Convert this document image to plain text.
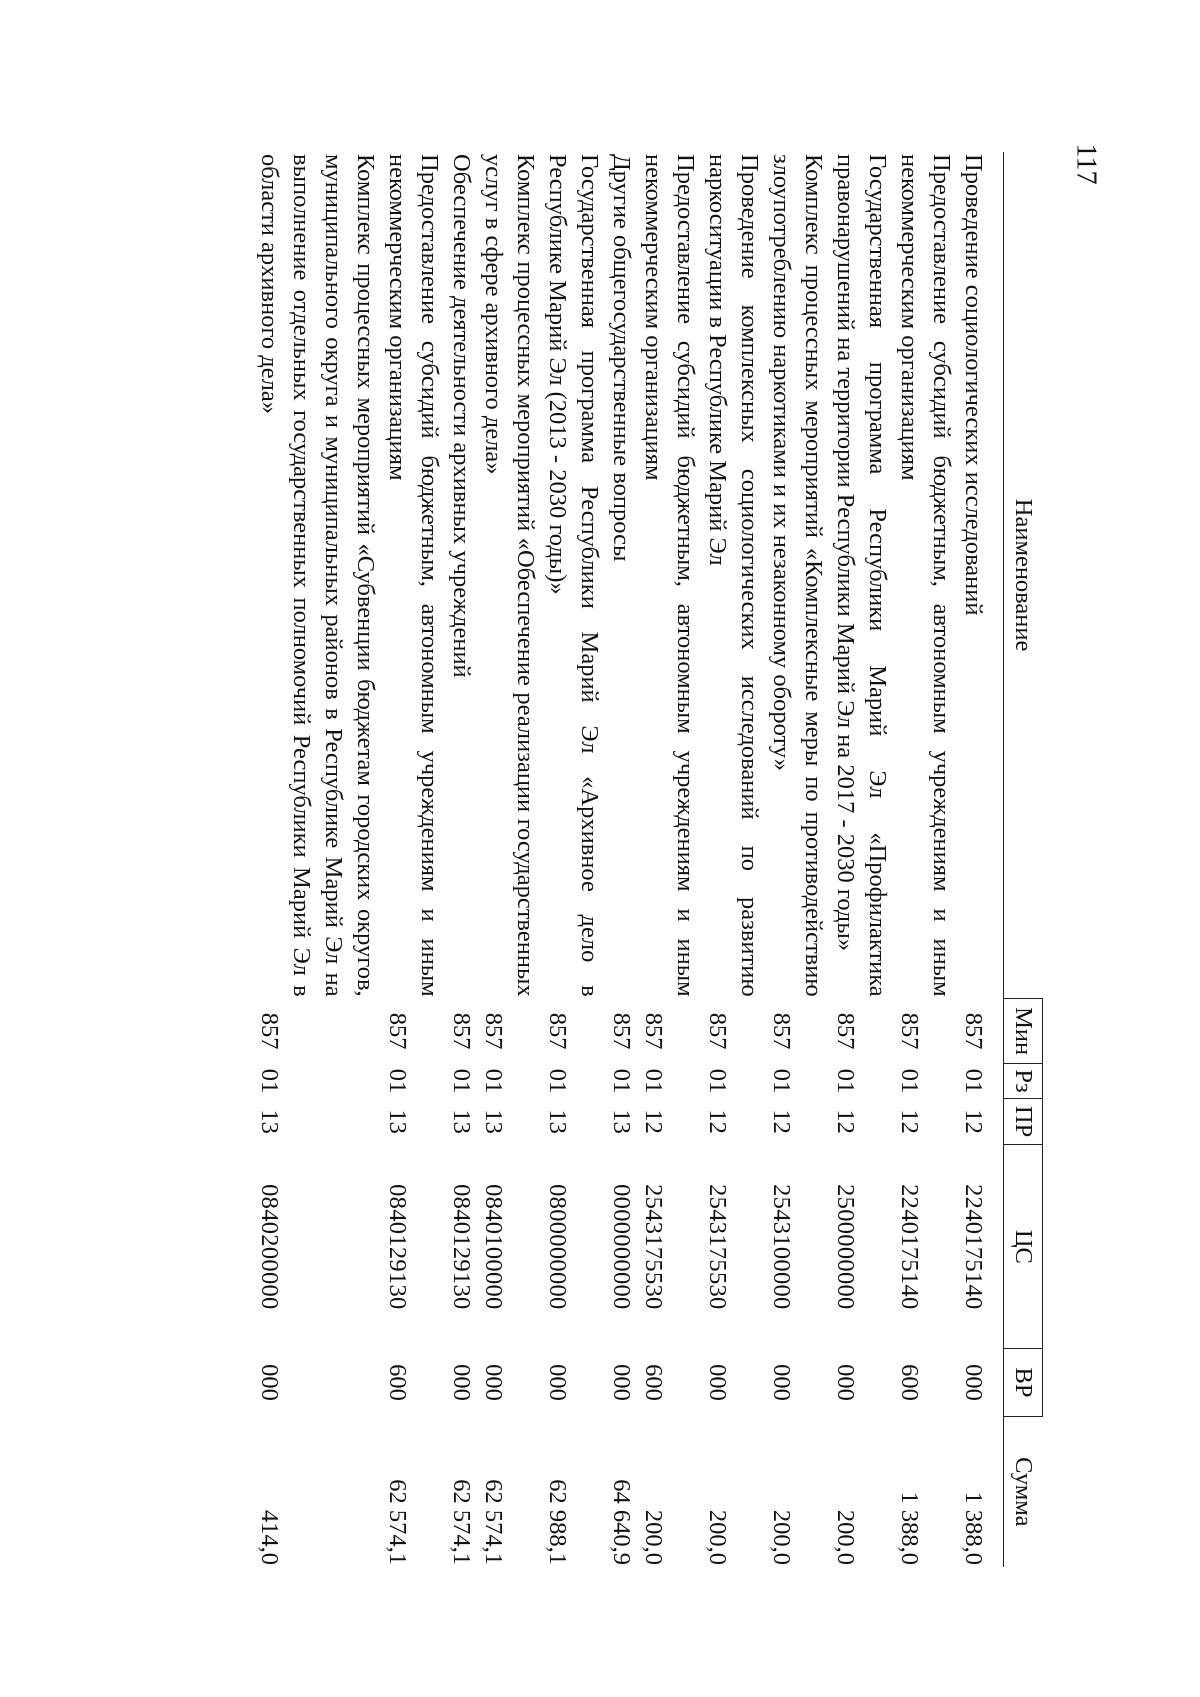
117
Наименование	Мин	Рз	ПР	ЦС	ВР	Сумма

Проведение социологических исследований	857	01	12	2240175140	000	1 388,0
Предоставление субсидий бюджетным, автономным учреждениям и иным некоммерческим организациям	857	01	12	2240175140	600	1 388,0
Государственная программа Республики Марий Эл «Профилактика правонарушений на территории Республики Марий Эл на 2017 - 2030 годы»	857	01	12	2500000000	000	200,0
Комплекс процессных мероприятий «Комплексные меры по противодействию злоупотреблению наркотиками и их незаконному обороту»	857	01	12	2543100000	000	200,0
Проведение комплексных социологических исследований по развитию наркоситуации в Республике Марий Эл	857	01	12	2543175530	000	200,0
Предоставление субсидий бюджетным, автономным учреждениям и иным некоммерческим организациям	857	01	12	2543175530	600	200,0
Другие общегосударственные вопросы	857	01	13	0000000000	000	64 640,9
Государственная программа Республики Марий Эл «Архивное дело в Республике Марий Эл (2013 - 2030 годы)»	857	01	13	0800000000	000	62 988,1
Комплекс процессных мероприятий «Обеспечение реализации государственных услуг в сфере архивного дела»	857	01	13	0840100000	000	62 574,1
Обеспечение деятельности архивных учреждений	857	01	13	0840129130	000	62 574,1
Предоставление субсидий бюджетным, автономным учреждениям и иным некоммерческим организациям	857	01	13	0840129130	600	62 574,1
Комплекс процессных мероприятий «Субвенции бюджетам городских округов, муниципального округа и муниципальных районов в Республике Марий Эл на выполнение отдельных государственных полномочий Республики Марий Эл в области архивного дела»	857	01	13	0840200000	000	414,0
